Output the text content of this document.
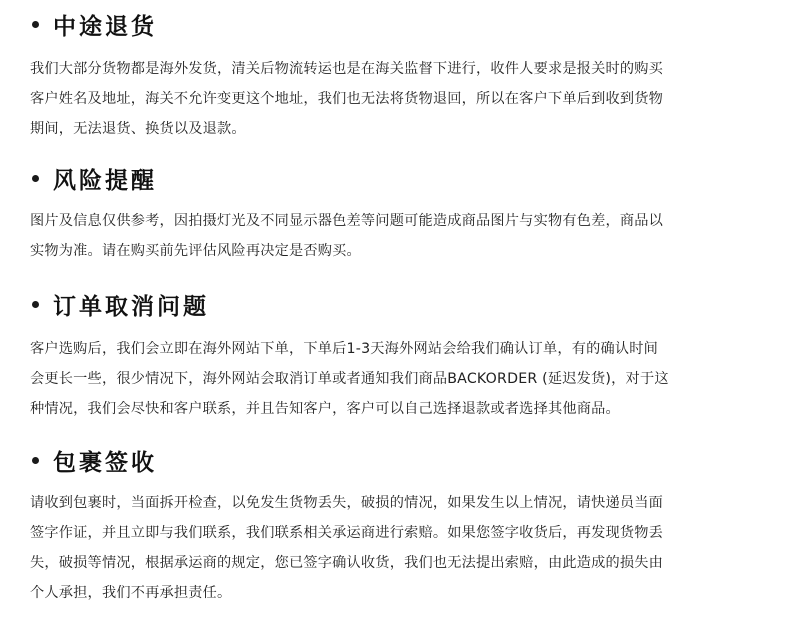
中途退货
我们大部分货物都是海外发货，清关后物流转运也是在海关监督下进行，收件人要求是报关时的购买
客户姓名及地址，海关不允许变更这个地址，我们也无法将货物退回，所以在客户下单后到收到货物
期间，无法退货、换货以及退款。
风险提醒
图片及信息仅供参考，因拍摄灯光及不同显示器色差等问题可能造成商品图片与实物有色差，商品以
实物为准。请在购买前先评估风险再决定是否购买。
订单取消问题
客户选购后，我们会立即在海外网站下单，下单后1-3天海外网站会给我们确认订单，有的确认时间
会更长一些，很少情况下，海外网站会取消订单或者通知我们商品BACKORDER (延迟发货)，对于这
种情况，我们会尽快和客户联系，并且告知客户，客户可以自己选择退款或者选择其他商品。
包裹签收
请收到包裹时，当面拆开检查，以免发生货物丢失，破损的情况，如果发生以上情况，请快递员当面
签字作证，并且立即与我们联系，我们联系相关承运商进行索赔。如果您签字收货后，再发现货物丢
失，破损等情况，根据承运商的规定，您已签字确认收货，我们也无法提出索赔，由此造成的损失由
个人承担，我们不再承担责任。
